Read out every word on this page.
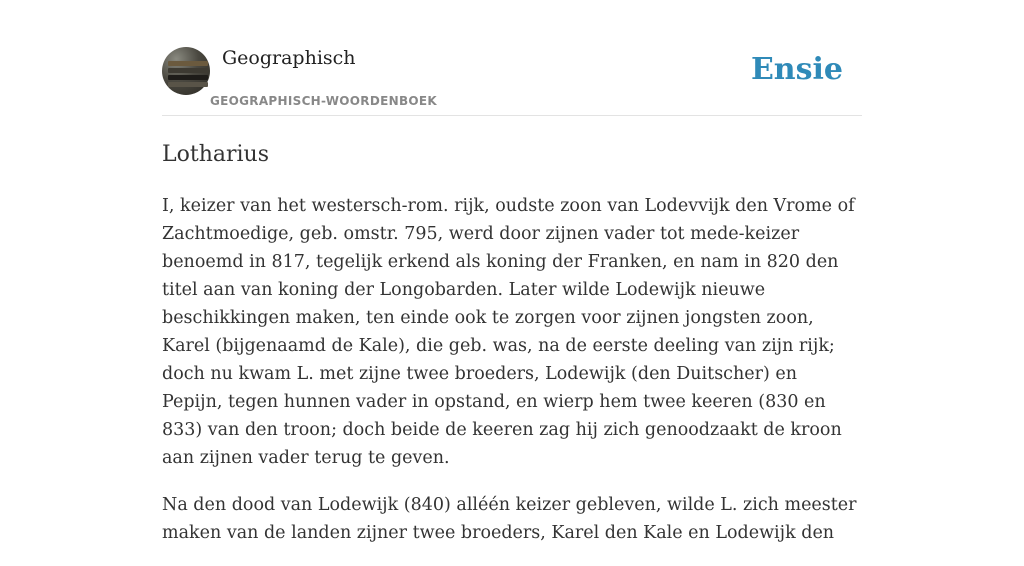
Geographisch
GEOGRAPHISCH-WOORDENBOEK
Ensie
Lotharius

I, keizer van het westersch-rom. rijk, oudste zoon van Lodevvijk den Vrome of Zachtmoedige, geb. omstr. 795, werd door zijnen vader tot mede-keizer benoemd in 817, tegelijk erkend als koning der Franken, en nam in 820 den titel aan van koning der Longobarden. Later wilde Lodewijk nieuwe beschikkingen maken, ten einde ook te zorgen voor zijnen jongsten zoon, Karel (bijgenaamd de Kale), die geb. was, na de eerste deeling van zijn rijk; doch nu kwam L. met zijne twee broeders, Lodewijk (den Duitscher) en Pepijn, tegen hunnen vader in opstand, en wierp hem twee keeren (830 en 833) van den troon; doch beide de keeren zag hij zich genoodzaakt de kroon aan zijnen vader terug te geven.

Na den dood van Lodewijk (840) alléén keizer gebleven, wilde L. zich meester maken van de landen zijner twee broeders, Karel den Kale en Lodewijk den
